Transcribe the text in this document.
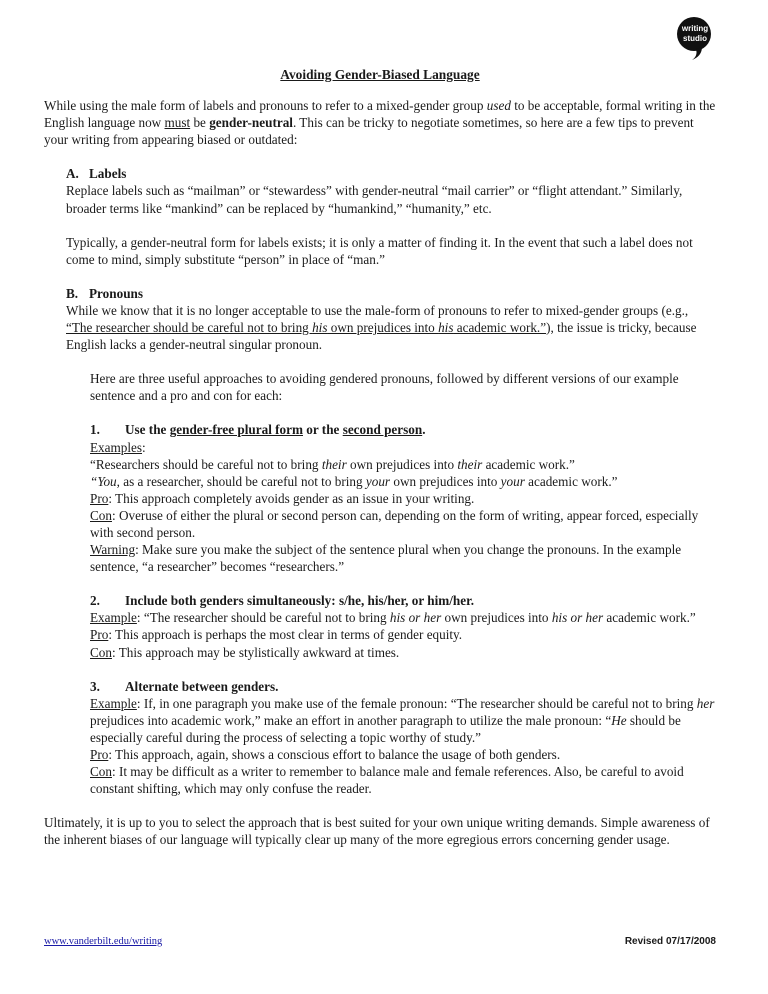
writing
studio

Avoiding Gender-Biased Language

While using the male form of labels and pronouns to refer to a mixed-gender group used to be acceptable, formal writing in the English language now must be gender-neutral. This can be tricky to negotiate sometimes, so here are a few tips to prevent your writing from appearing biased or outdated:

A. Labels

Replace labels such as “mailman” or “stewardess” with gender-neutral “mail carrier” or “flight attendant.” Similarly, broader terms like “mankind” can be replaced by “humankind,” “humanity,” etc.

Typically, a gender-neutral form for labels exists; it is only a matter of finding it. In the event that such a label does not come to mind, simply substitute “person” in place of “man.”

B. Pronouns

While we know that it is no longer acceptable to use the male-form of pronouns to refer to mixed-gender groups (e.g., “The researcher should be careful not to bring his own prejudices into his academic work.”), the issue is tricky, because English lacks a gender-neutral singular pronoun.

Here are three useful approaches to avoiding gendered pronouns, followed by different versions of our example sentence and a pro and con for each:

1. Use the gender-free plural form or the second person.

Examples:

“Researchers should be careful not to bring their own prejudices into their academic work.”

“You, as a researcher, should be careful not to bring your own prejudices into your academic work.”

Pro: This approach completely avoids gender as an issue in your writing.

Con: Overuse of either the plural or second person can, depending on the form of writing, appear forced, especially with second person.

Warning: Make sure you make the subject of the sentence plural when you change the pronouns. In the example sentence, “a researcher” becomes “researchers.”

2. Include both genders simultaneously: s/he, his/her, or him/her.

Example: “The researcher should be careful not to bring his or her own prejudices into his or her academic work.”

Pro: This approach is perhaps the most clear in terms of gender equity.

Con: This approach may be stylistically awkward at times.

3. Alternate between genders.

Example: If, in one paragraph you make use of the female pronoun: “The researcher should be careful not to bring her prejudices into academic work,” make an effort in another paragraph to utilize the male pronoun: “He should be especially careful during the process of selecting a topic worthy of study.”

Pro: This approach, again, shows a conscious effort to balance the usage of both genders.

Con: It may be difficult as a writer to remember to balance male and female references. Also, be careful to avoid constant shifting, which may only confuse the reader.

Ultimately, it is up to you to select the approach that is best suited for your own unique writing demands. Simple awareness of the inherent biases of our language will typically clear up many of the more egregious errors concerning gender usage.

www.vanderbilt.edu/writing	Revised 07/17/2008
